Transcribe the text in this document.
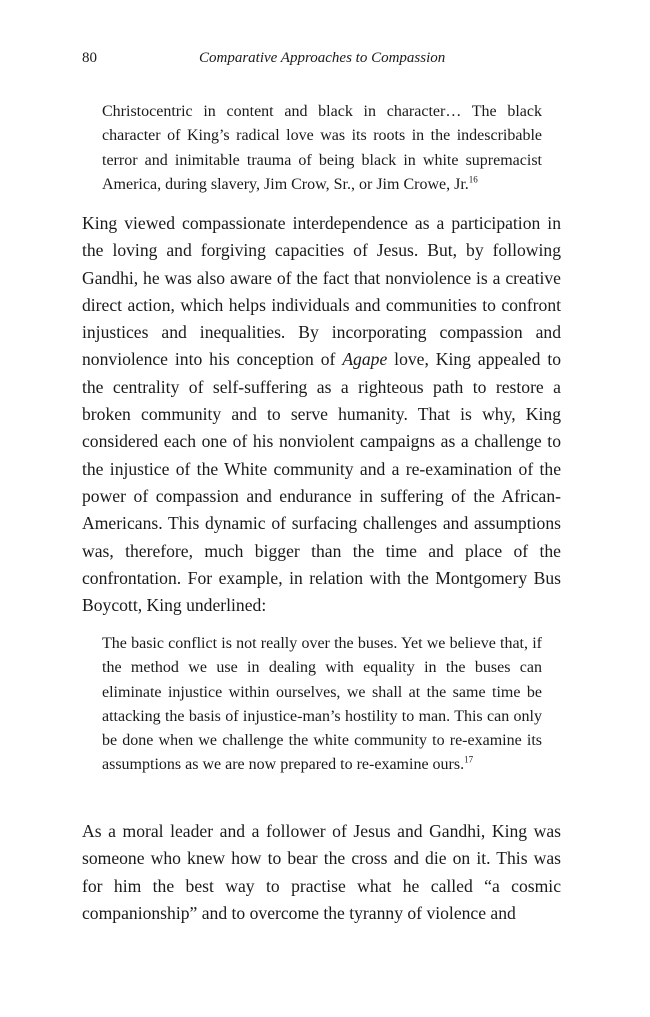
80	Comparative Approaches to Compassion
Christocentric in content and black in character… The black character of King’s radical love was its roots in the indescribable terror and inimitable trauma of being black in white supremacist America, during slavery, Jim Crow, Sr., or Jim Crowe, Jr.$^{16}$
King viewed compassionate interdependence as a participation in the loving and forgiving capacities of Jesus. But, by following Gandhi, he was also aware of the fact that nonviolence is a creative direct action, which helps individuals and communities to confront injustices and inequalities. By incorporating compassion and nonviolence into his conception of Agape love, King appealed to the centrality of self-suffering as a righteous path to restore a broken community and to serve humanity. That is why, King considered each one of his nonviolent campaigns as a challenge to the injustice of the White community and a re-examination of the power of compassion and endurance in suffering of the African-Americans. This dynamic of surfacing challenges and assumptions was, therefore, much bigger than the time and place of the confrontation. For example, in relation with the Montgomery Bus Boycott, King underlined:
The basic conflict is not really over the buses. Yet we believe that, if the method we use in dealing with equality in the buses can eliminate injustice within ourselves, we shall at the same time be attacking the basis of injustice-man’s hostility to man. This can only be done when we challenge the white community to re-examine its assumptions as we are now prepared to re-examine ours.$^{17}$
As a moral leader and a follower of Jesus and Gandhi, King was someone who knew how to bear the cross and die on it. This was for him the best way to practise what he called “a cosmic companionship” and to overcome the tyranny of violence and
